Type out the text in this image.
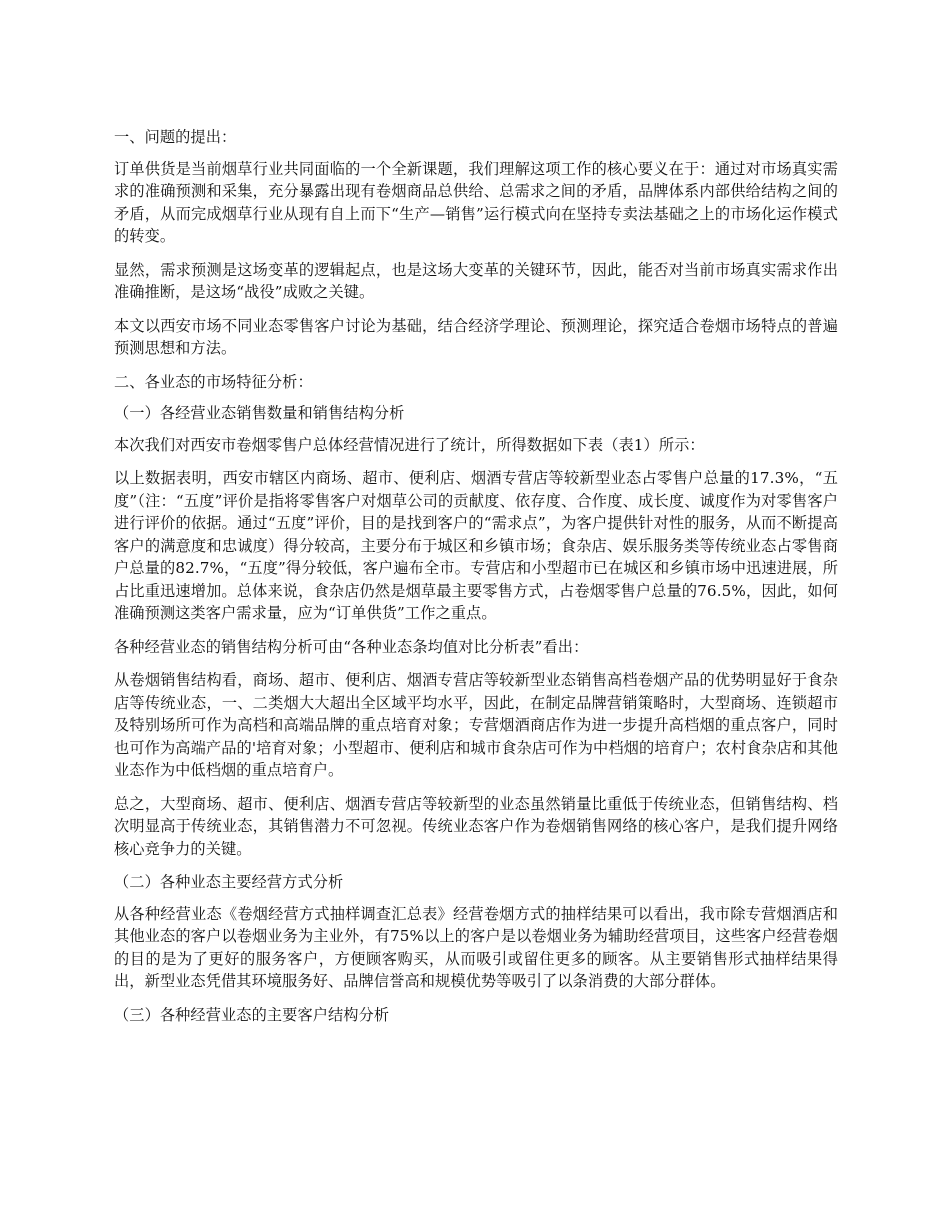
一、问题的提出：

订单供货是当前烟草行业共同面临的一个全新课题，我们理解这项工作的核心要义在于：通过对市场真实需求的准确预测和采集，充分暴露出现有卷烟商品总供给、总需求之间的矛盾，品牌体系内部供给结构之间的矛盾，从而完成烟草行业从现有自上而下“生产—销售”运行模式向在坚持专卖法基础之上的市场化运作模式的转变。

显然，需求预测是这场变革的逻辑起点，也是这场大变革的关键环节，因此，能否对当前市场真实需求作出准确推断，是这场“战役”成败之关键。

本文以西安市场不同业态零售客户讨论为基础，结合经济学理论、预测理论，探究适合卷烟市场特点的普遍预测思想和方法。

二、各业态的市场特征分析：

（一）各经营业态销售数量和销售结构分析

本次我们对西安市卷烟零售户总体经营情况进行了统计，所得数据如下表（表1）所示：

以上数据表明，西安市辖区内商场、超市、便利店、烟酒专营店等较新型业态占零售户总量的17.3%，“五度”（注：“五度”评价是指将零售客户对烟草公司的贡献度、依存度、合作度、成长度、诚度作为对零售客户进行评价的依据。通过“五度”评价，目的是找到客户的“需求点”，为客户提供针对性的服务，从而不断提高客户的满意度和忠诚度）得分较高，主要分布于城区和乡镇市场；食杂店、娱乐服务类等传统业态占零售商户总量的82.7%，“五度”得分较低，客户遍布全市。专营店和小型超市已在城区和乡镇市场中迅速进展，所占比重迅速增加。总体来说，食杂店仍然是烟草最主要零售方式，占卷烟零售户总量的76.5%，因此，如何准确预测这类客户需求量，应为“订单供货”工作之重点。

各种经营业态的销售结构分析可由“各种业态条均值对比分析表”看出：

从卷烟销售结构看，商场、超市、便利店、烟酒专营店等较新型业态销售高档卷烟产品的优势明显好于食杂店等传统业态，一、二类烟大大超出全区域平均水平，因此，在制定品牌营销策略时，大型商场、连锁超市及特别场所可作为高档和高端品牌的重点培育对象；专营烟酒商店作为进一步提升高档烟的重点客户，同时也可作为高端产品的'培育对象；小型超市、便利店和城市食杂店可作为中档烟的培育户；农村食杂店和其他业态作为中低档烟的重点培育户。

总之，大型商场、超市、便利店、烟酒专营店等较新型的业态虽然销量比重低于传统业态，但销售结构、档次明显高于传统业态，其销售潜力不可忽视。传统业态客户作为卷烟销售网络的核心客户，是我们提升网络核心竞争力的关键。

（二）各种业态主要经营方式分析

从各种经营业态《卷烟经营方式抽样调查汇总表》经营卷烟方式的抽样结果可以看出，我市除专营烟酒店和其他业态的客户以卷烟业务为主业外，有75%以上的客户是以卷烟业务为辅助经营项目，这些客户经营卷烟的目的是为了更好的服务客户，方便顾客购买，从而吸引或留住更多的顾客。从主要销售形式抽样结果得出，新型业态凭借其环境服务好、品牌信誉高和规模优势等吸引了以条消费的大部分群体。

（三）各种经营业态的主要客户结构分析
